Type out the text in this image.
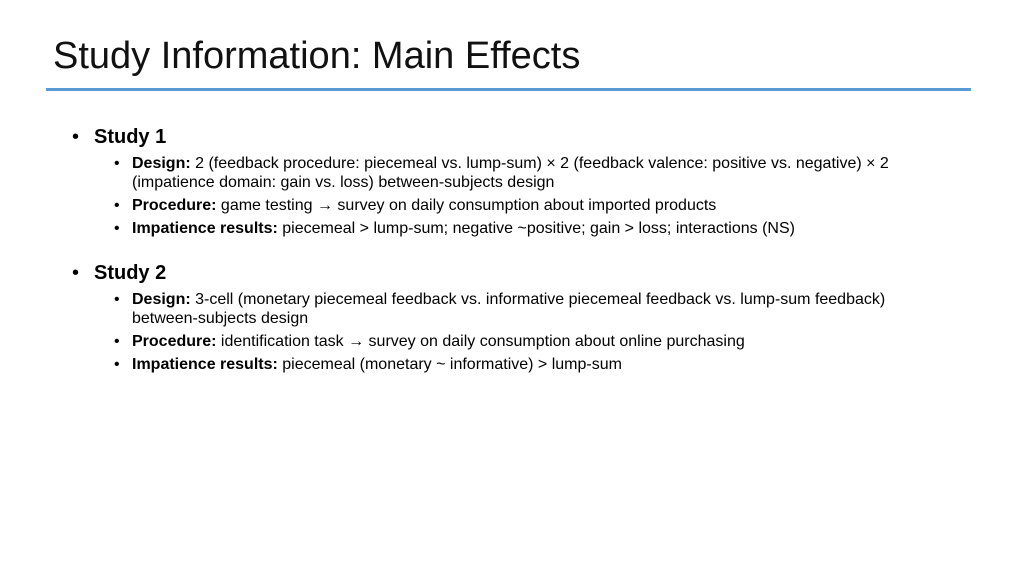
Study Information: Main Effects
• Study 1
• Design: 2 (feedback procedure: piecemeal vs. lump-sum) × 2 (feedback valence: positive vs. negative) × 2 (impatience domain: gain vs. loss) between-subjects design
• Procedure: game testing → survey on daily consumption about imported products
• Impatience results: piecemeal > lump-sum; negative ~positive; gain > loss; interactions (NS)
• Study 2
• Design: 3-cell (monetary piecemeal feedback vs. informative piecemeal feedback vs. lump-sum feedback) between-subjects design
• Procedure: identification task → survey on daily consumption about online purchasing
• Impatience results: piecemeal (monetary ~ informative) > lump-sum
